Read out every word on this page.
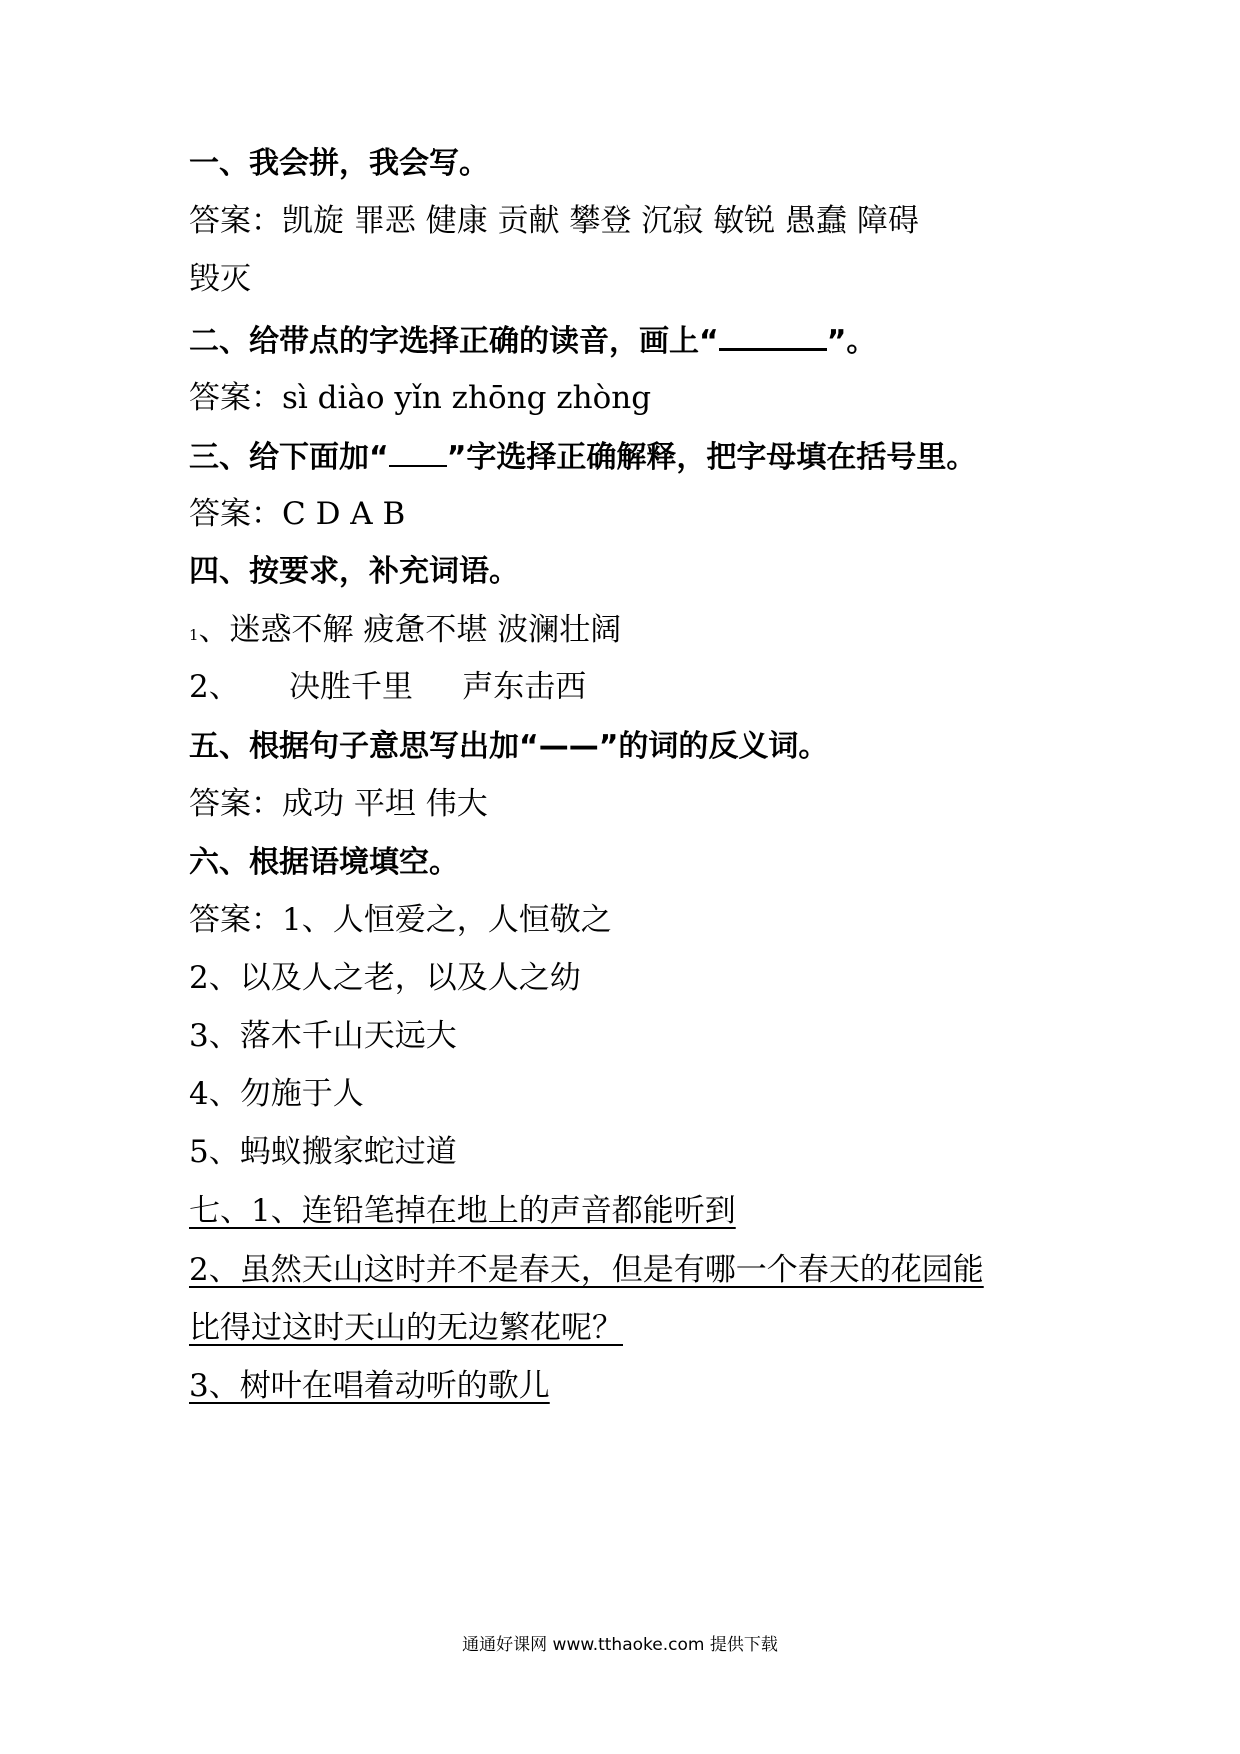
一、我会拼，我会写。
答案：凯旋 罪恶 健康 贡献 攀登 沉寂 敏锐 愚蠢 障碍
毁灭
二、给带点的字选择正确的读音，画上“	”。
答案：sì diào yǐn zhōng zhòng
三、给下面加“ ”字选择正确解释，把字母填在括号里。
答案：C D A B
四、按要求，补充词语。
1、迷惑不解 疲惫不堪 波澜壮阔
2、     决胜千里     声东击西
五、根据句子意思写出加“——”的词的反义词。
答案：成功 平坦 伟大
六、根据语境填空。
答案：1、人恒爱之，人恒敬之
2、以及人之老，以及人之幼
3、落木千山天远大
4、勿施于人
5、蚂蚁搬家蛇过道
七、1、连铅笔掉在地上的声音都能听到
2、虽然天山这时并不是春天，但是有哪一个春天的花园能
比得过这时天山的无边繁花呢？
3、树叶在唱着动听的歌儿
通通好课网 www.tthaoke.com 提供下载
